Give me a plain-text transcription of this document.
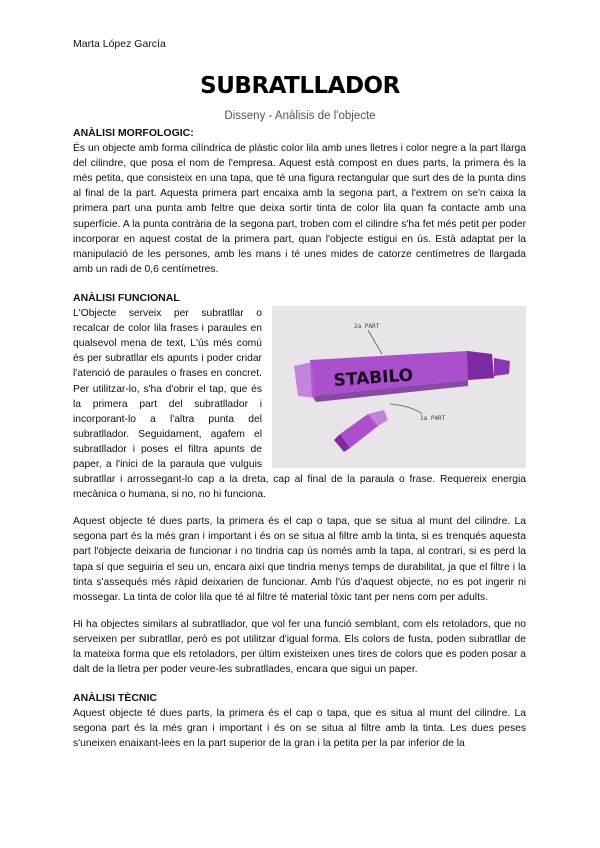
Marta López García
SUBRATLLADOR
Disseny - Anàlisis de l'objecte
ANÀLISI MORFOLOGIC:

És un objecte amb forma cilíndrica de plàstic color lila amb unes lletres i color negre a la part llarga del cilindre, que posa el nom de l'empresa. Aquest està compost en dues parts, la primera és la més petita, que consisteix en una tapa, que té una figura rectangular que surt des de la punta dins al final de la part. Aquesta primera part encaixa amb la segona part, a l'extrem on se'n caixa la primera part una punta amb feltre que deixa sortir tinta de color lila quan fa contacte amb una superfície. A la punta contrària de la segona part, troben com el cilindre s'ha fet més petit per poder incorporar en aquest costat de la primera part, quan l'objecte estigui en ús. Està adaptat per la manipulació de les persones, amb les mans i té unes mides de catorze centímetres de llargada amb un radi de 0,6 centímetres.

ANÀLISI FUNCIONAL
STABILO
2a PART
1a PART

L'Objecte serveix per subratllar o recalcar de color lila frases i paraules en qualsevol mena de text, L'ús més comú és per subratllar els apunts i poder cridar l'atenció de paraules o frases en concret. Per utilitzar-lo, s'ha d'obrir el tap, que és la primera part del subratllador i incorporant-lo a l'altra punta del subratllador. Seguidament, agafem el subratllador i poses el filtra apunts de paper, a l'inici de la paraula que vulguis subratllar i arrossegant-lo cap a la dreta, cap al final de la paraula o frase. Requereix energia mecànica o humana, si no, no hi funciona.

Aquest objecte té dues parts, la primera és el cap o tapa, que se situa al munt del cilindre. La segona part és la més gran i important i és on se situa al filtre amb la tinta, si es trenqués aquesta part l'objecte deixaria de funcionar i no tindria cap ús només amb la tapa, al contrari, si es perd la tapa sí que seguiria el seu un, encara així que tindria menys temps de durabilitat, ja que el filtre i la tinta s'assequés més ràpid deixarien de funcionar. Amb l'ús d'aquest objecte, no es pot ingerir ni mossegar. La tinta de color lila que té al filtre té material tòxic tant per nens com per adults.

Hi ha objectes similars al subratllador, que vol fer una funció semblant, com els retoladors, que no serveixen per subratllar, però es pot utilitzar d'igual forma. Els colors de fusta, poden subratllar de la mateixa forma que els retoladors, per últim existeixen unes tires de colors que es poden posar a dalt de la lletra per poder veure-les subratllades, encara que sigui un paper.

ANÀLISI TÈCNIC

Aquest objecte té dues parts, la primera és el cap o tapa, que es situa al munt del cilindre. La segona part és la més gran i important i és on se situa al filtre amb la tinta. Les dues peses s'uneixen enaixant-lees en la part superior de la gran i la petita per la par inferior de la
